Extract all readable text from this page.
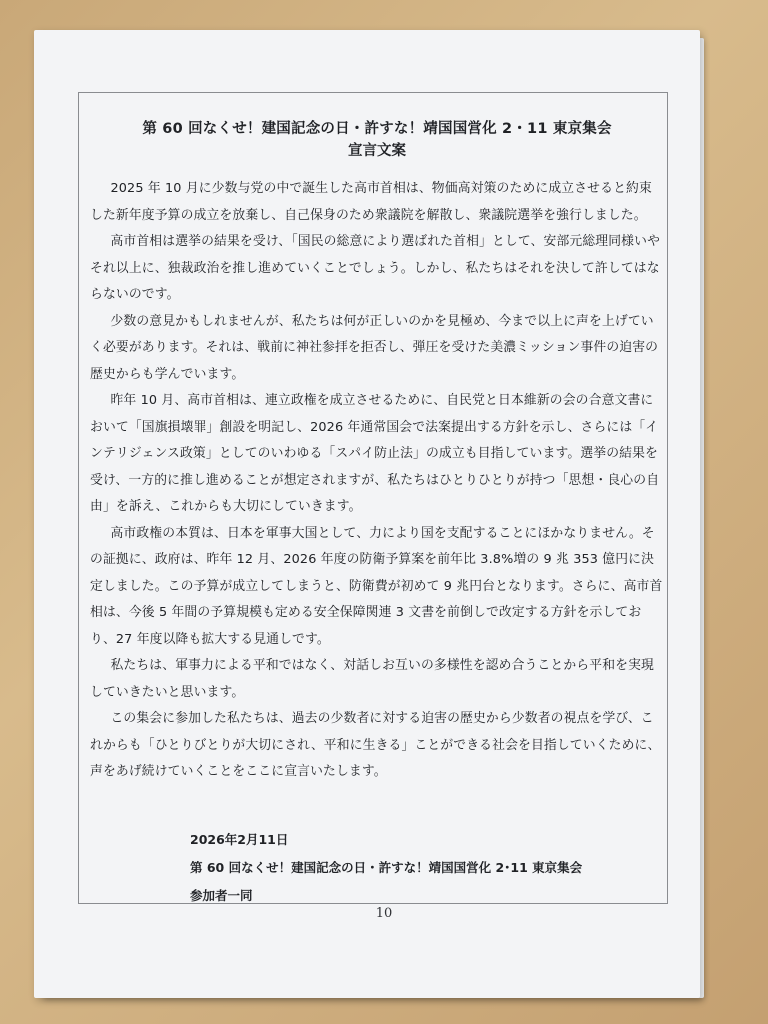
第 60 回なくせ！建国記念の日・許すな！靖国国営化 2・11 東京集会

宣言文案

2025 年 10 月に少数与党の中で誕生した高市首相は、物価高対策のために成立させると約束した新年度予算の成立を放棄し、自己保身のため衆議院を解散し、衆議院選挙を強行しました。

高市首相は選挙の結果を受け、「国民の総意により選ばれた首相」として、安部元総理同様いやそれ以上に、独裁政治を推し進めていくことでしょう。しかし、私たちはそれを決して許してはならないのです。

少数の意見かもしれませんが、私たちは何が正しいのかを見極め、今まで以上に声を上げていく必要があります。それは、戦前に神社参拝を拒否し、弾圧を受けた美濃ミッション事件の迫害の歴史からも学んでいます。

昨年 10 月、高市首相は、連立政権を成立させるために、自民党と日本維新の会の合意文書において「国旗損壊罪」創設を明記し、2026 年通常国会で法案提出する方針を示し、さらには「インテリジェンス政策」としてのいわゆる「スパイ防止法」の成立も目指しています。選挙の結果を受け、一方的に推し進めることが想定されますが、私たちはひとりひとりが持つ「思想・良心の自由」を訴え、これからも大切にしていきます。

高市政権の本質は、日本を軍事大国として、力により国を支配することにほかなりません。その証拠に、政府は、昨年 12 月、2026 年度の防衛予算案を前年比 3.8%増の 9 兆 353 億円に決定しました。この予算が成立してしまうと、防衛費が初めて 9 兆円台となります。さらに、高市首相は、今後 5 年間の予算規模も定める安全保障関連 3 文書を前倒しで改定する方針を示しており、27 年度以降も拡大する見通しです。

私たちは、軍事力による平和ではなく、対話しお互いの多様性を認め合うことから平和を実現していきたいと思います。

この集会に参加した私たちは、過去の少数者に対する迫害の歴史から少数者の視点を学び、これからも「ひとりびとりが大切にされ、平和に生きる」ことができる社会を目指していくために、声をあげ続けていくことをここに宣言いたします。

2026年2月11日
第 60 回なくせ！建国記念の日・許すな！靖国国営化 2･11 東京集会
参加者一同
10
